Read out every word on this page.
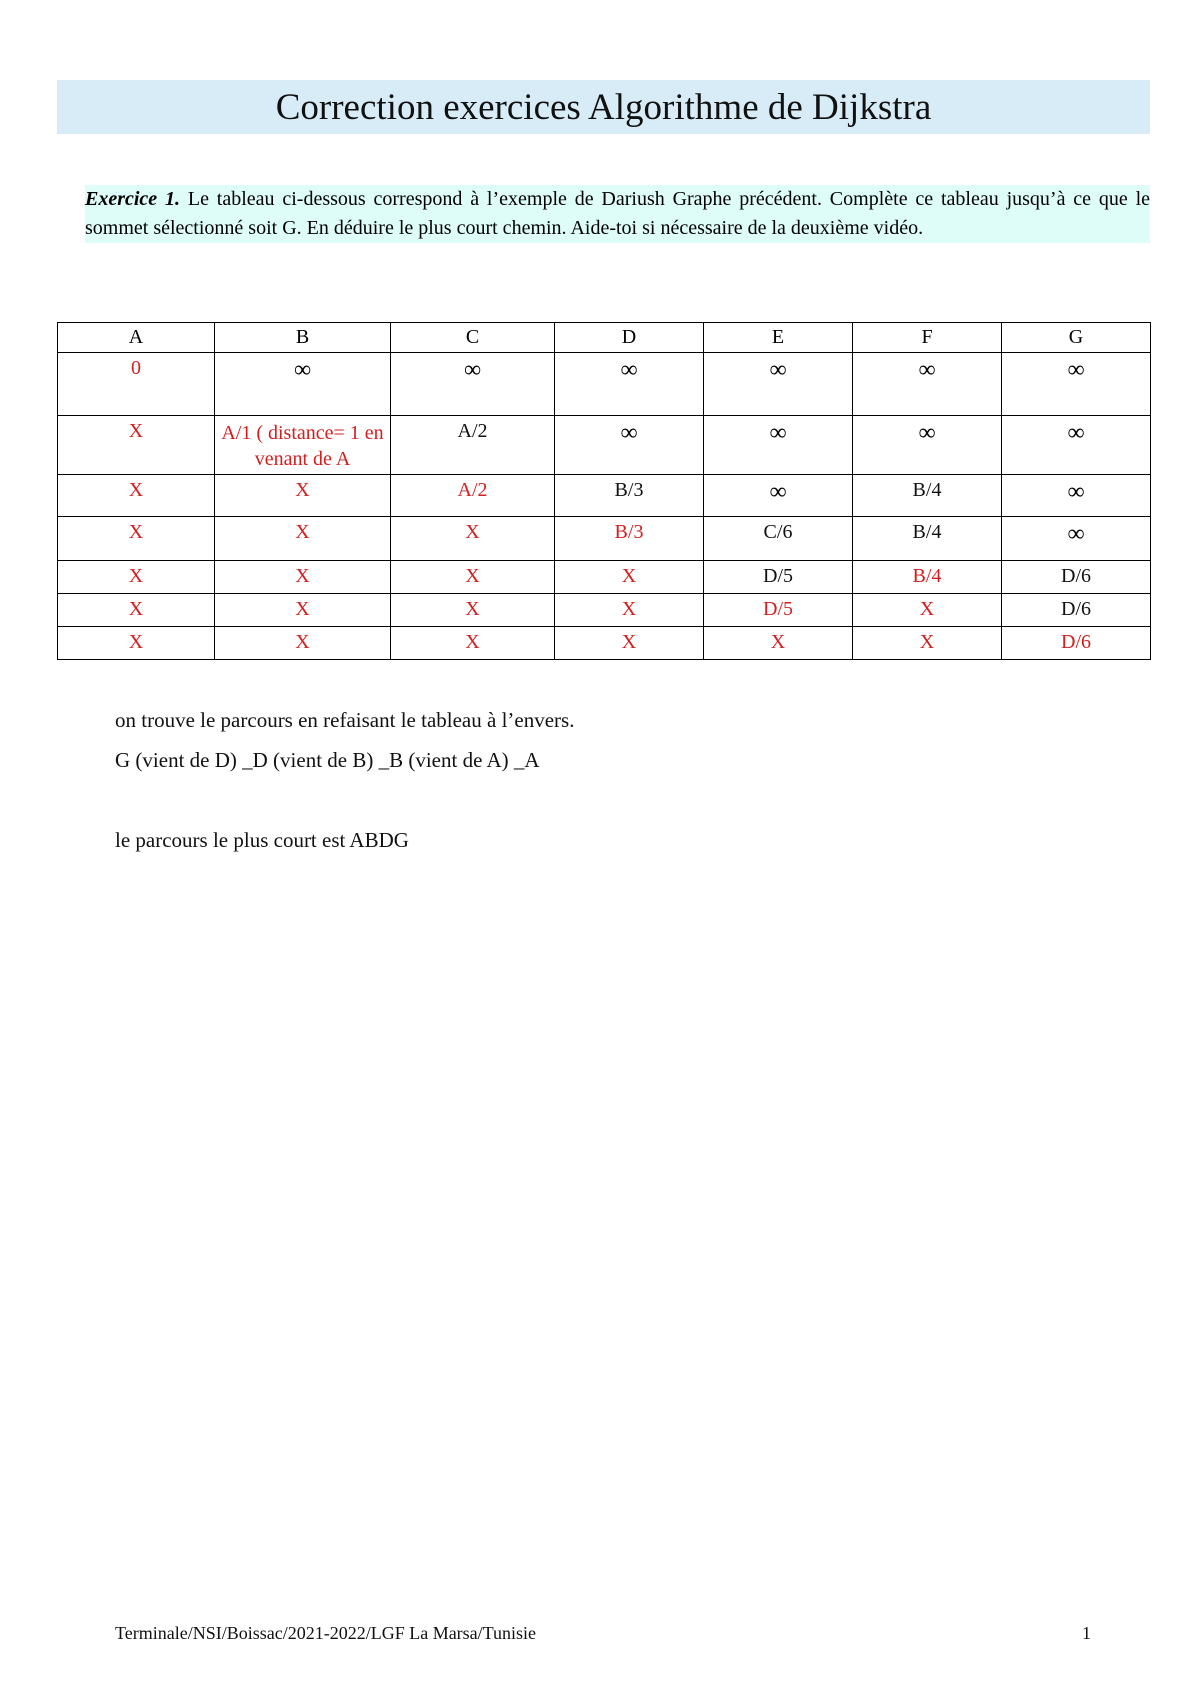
Correction exercices Algorithme de Dijkstra
Exercice 1. Le tableau ci-dessous correspond à l’exemple de Dariush Graphe précédent. Complète ce tableau jusqu’à ce que le sommet sélectionné soit G. En déduire le plus court chemin. Aide-toi si nécessaire de la deuxième vidéo.
A	B	C	D	E	F	G
0	∞	∞	∞	∞	∞	∞
X	A/1 ( distance= 1 en venant de A	A/2	∞	∞	∞	∞
X	X	A/2	B/3	∞	B/4	∞
X	X	X	B/3	C/6	B/4	∞
X	X	X	X	D/5	B/4	D/6
X	X	X	X	D/5	X	D/6
X	X	X	X	X	X	D/6
on trouve le parcours en refaisant le tableau à l’envers.
G (vient de D) _D (vient de B) _B (vient de A) _A
le parcours le plus court est ABDG
Terminale/NSI/Boissac/2021-2022/LGF La Marsa/Tunisie	1
